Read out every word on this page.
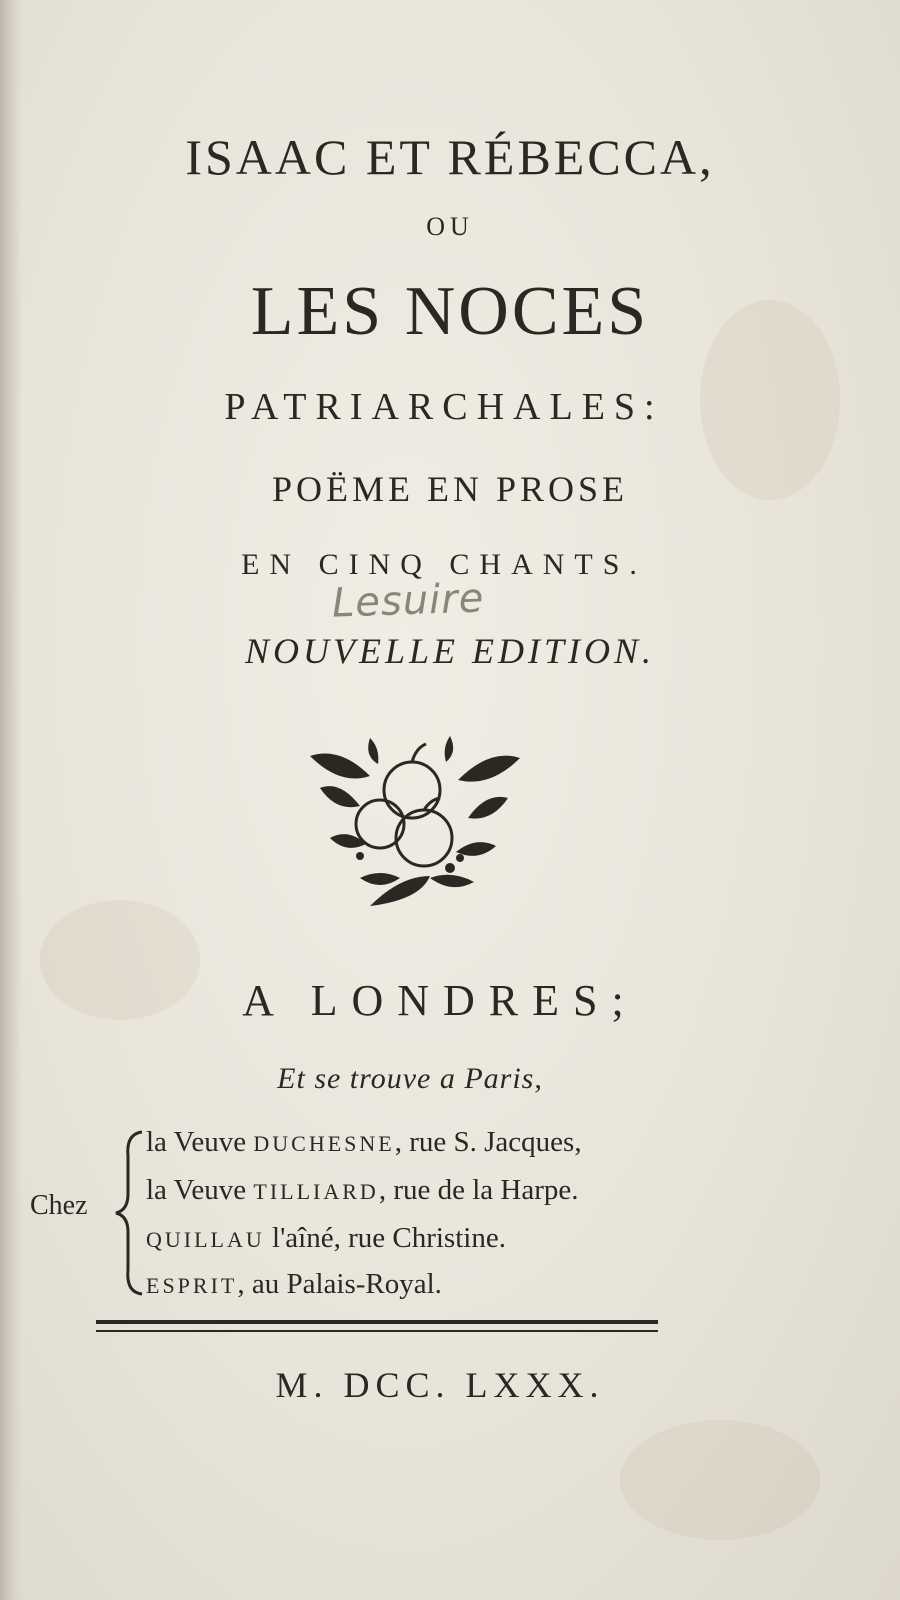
ISAAC ET RÉBECCA,
OU
LES NOCES
PATRIARCHALES:
POËME EN PROSE
EN CINQ CHANTS.
Lesuire
NOUVELLE EDITION.
A LONDRES;
Et se trouve a Paris,
Chez
la Veuve DUCHESNE, rue S. Jacques,
la Veuve TILLIARD, rue de la Harpe.
QUILLAU l'aîné, rue Christine.
ESPRIT, au Palais-Royal.
M. DCC. LXXX.
